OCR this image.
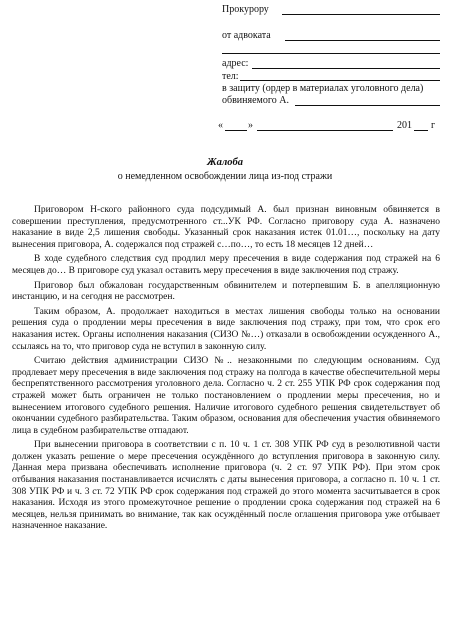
Прокурору
от адвоката
адрес:
тел:
в защиту (ордер в материалах уголовного дела)
обвиняемого А.
«	»	201 г
Жалоба
о немедленном освобождении лица из-под стражи

Приговором Н-ского районного суда подсудимый А. был признан виновным обвиняется в совершении преступления, предусмотренного ст...УК РФ. Согласно приговору суда А. назначено наказание в виде 2,5 лишения свободы. Указанный срок наказания истек 01.01…, поскольку на дату вынесения приговора, А. содержался под стражей с…по…, то есть 18 месяцев 12 дней…

В ходе судебного следствия суд продлил меру пресечения в виде содержания под стражей на 6 месяцев до… В приговоре суд указал оставить меру пресечения в виде заключения под стражу.

Приговор был обжалован государственным обвинителем и потерпевшим Б. в апелляционную инстанцию, и на сегодня не рассмотрен.

Таким образом, А. продолжает находиться в местах лишения свободы только на основании решения суда о продлении меры пресечения в виде заключения под стражу, при том, что срок его наказания истек. Органы исполнения наказания (СИЗО №…) отказали в освобождении осужденного А., ссылаясь на то, что приговор суда не вступил в законную силу.

Считаю действия администрации СИЗО №.. незаконными по следующим основаниям. Суд продлевает меру пресечения в виде заключения под стражу на полгода в качестве обеспечительной меры беспрепятственного рассмотрения уголовного дела. Согласно ч. 2 ст. 255 УПК РФ срок содержания под стражей может быть ограничен не только постановлением о продлении меры пресечения, но и вынесением итогового судебного решения. Наличие итогового судебного решения свидетельствует об окончании судебного разбирательства. Таким образом, основания для обеспечения участия обвиняемого лица в судебном разбирательстве отпадают.

При вынесении приговора в соответствии с п. 10 ч. 1 ст. 308 УПК РФ суд в резолютивной части должен указать решение о мере пресечения осуждённого до вступления приговора в законную силу. Данная мера призвана обеспечивать исполнение приговора (ч. 2 ст. 97 УПК РФ). При этом срок отбывания наказания постанавливается исчислять с даты вынесения приговора, а согласно п. 10 ч. 1 ст. 308 УПК РФ и ч. 3 ст. 72 УПК РФ срок содержания под стражей до этого момента засчитывается в срок наказания. Исходя из этого промежуточное решение о продлении срока содержания под стражей на 6 месяцев, нельзя принимать во внимание, так как осуждённый после оглашения приговора уже отбывает назначенное наказание.
